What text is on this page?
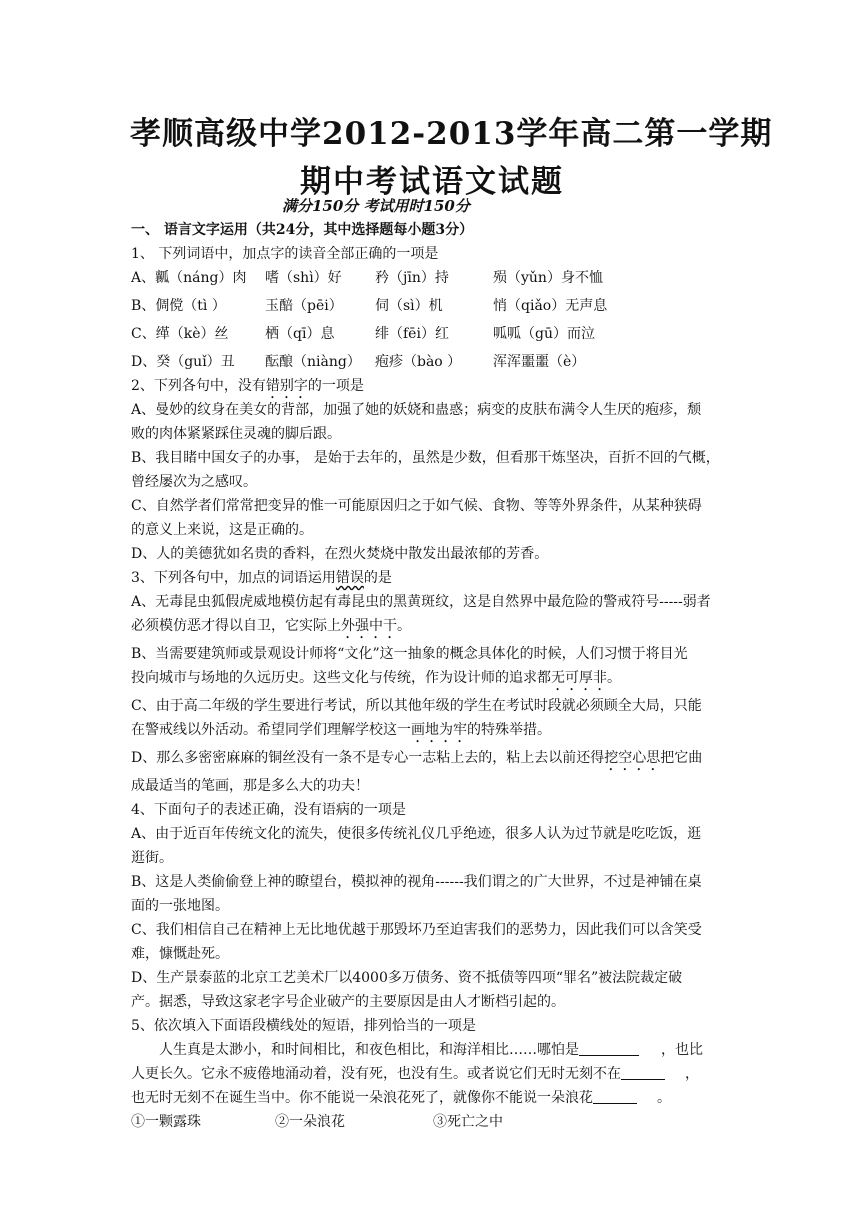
孝顺高级中学2012-2013学年高二第一学期
期中考试语文试题
满分150分 考试用时150分
一、 语言文字运用（共24分，其中选择题每小题3分）
1、 下列词语中，加点字的读音全部正确的一项是
A、瓤（náng）肉 嗜（shì）好 矜（jīn）持	殒（yǔn）身不恤
B、倜傥（tì ）	玉醅（pēi） 伺（sì）机	悄（qiǎo）无声息
C、缂（kè）丝	栖（qī）息	绯（fēi）红	呱呱（gū）而泣
D、癸（guǐ）丑 酝酿（niàng） 疱疹（bào ） 浑浑噩噩（è）
2、下列各句中，没有错别字的一项是
A、曼妙的纹身在美女的背部，加强了她的妖娆和蛊惑；病变的皮肤布满令人生厌的疱疹，颓
败的肉体紧紧踩住灵魂的脚后跟。
B、我目睹中国女子的办事， 是始于去年的，虽然是少数，但看那干炼坚决，百折不回的气概，
曾经屡次为之感叹。
C、自然学者们常常把变异的惟一可能原因归之于如气候、食物、等等外界条件，从某种狭碍
的意义上来说，这是正确的。
D、人的美德犹如名贵的香料，在烈火焚烧中散发出最浓郁的芳香。
3、下列各句中，加点的词语运用错误的是
A、无毒昆虫狐假虎威地模仿起有毒昆虫的黑黄斑纹，这是自然界中最危险的警戒符号-----弱者
必须模仿恶才得以自卫，它实际上外强中干。
B、当需要建筑师或景观设计师将“文化”这一抽象的概念具体化的时候，人们习惯于将目光
投向城市与场地的久远历史。这些文化与传统，作为设计师的追求都无可厚非。
C、由于高二年级的学生要进行考试，所以其他年级的学生在考试时段就必须顾全大局，只能
在警戒线以外活动。希望同学们理解学校这一画地为牢的特殊举措。
D、那么多密密麻麻的铜丝没有一条不是专心一志粘上去的，粘上去以前还得挖空心思把它曲
成最适当的笔画，那是多么大的功夫！
4、下面句子的表述正确，没有语病的一项是
A、由于近百年传统文化的流失，使很多传统礼仪几乎绝迹，很多人认为过节就是吃吃饭，逛
逛街。
B、这是人类偷偷登上神的瞭望台，模拟神的视角------我们谓之的广大世界，不过是神铺在桌
面的一张地图。
C、我们相信自己在精神上无比地优越于那毁坏乃至迫害我们的恶势力，因此我们可以含笑受
难，慷慨赴死。
D、生产景泰蓝的北京工艺美术厂以4000多万债务、资不抵债等四项“罪名”被法院裁定破
产。据悉，导致这家老字号企业破产的主要原因是由人才断档引起的。
5、依次填入下面语段横线处的短语，排列恰当的一项是
人生真是太渺小，和时间相比，和夜色相比，和海洋相比……哪怕是	，也比
人更长久。它永不疲倦地涌动着，没有死，也没有生。或者说它们无时无刻不在	，
也无时无刻不在诞生当中。你不能说一朵浪花死了，就像你不能说一朵浪花	。
①一颗露珠	②一朵浪花	③死亡之中
